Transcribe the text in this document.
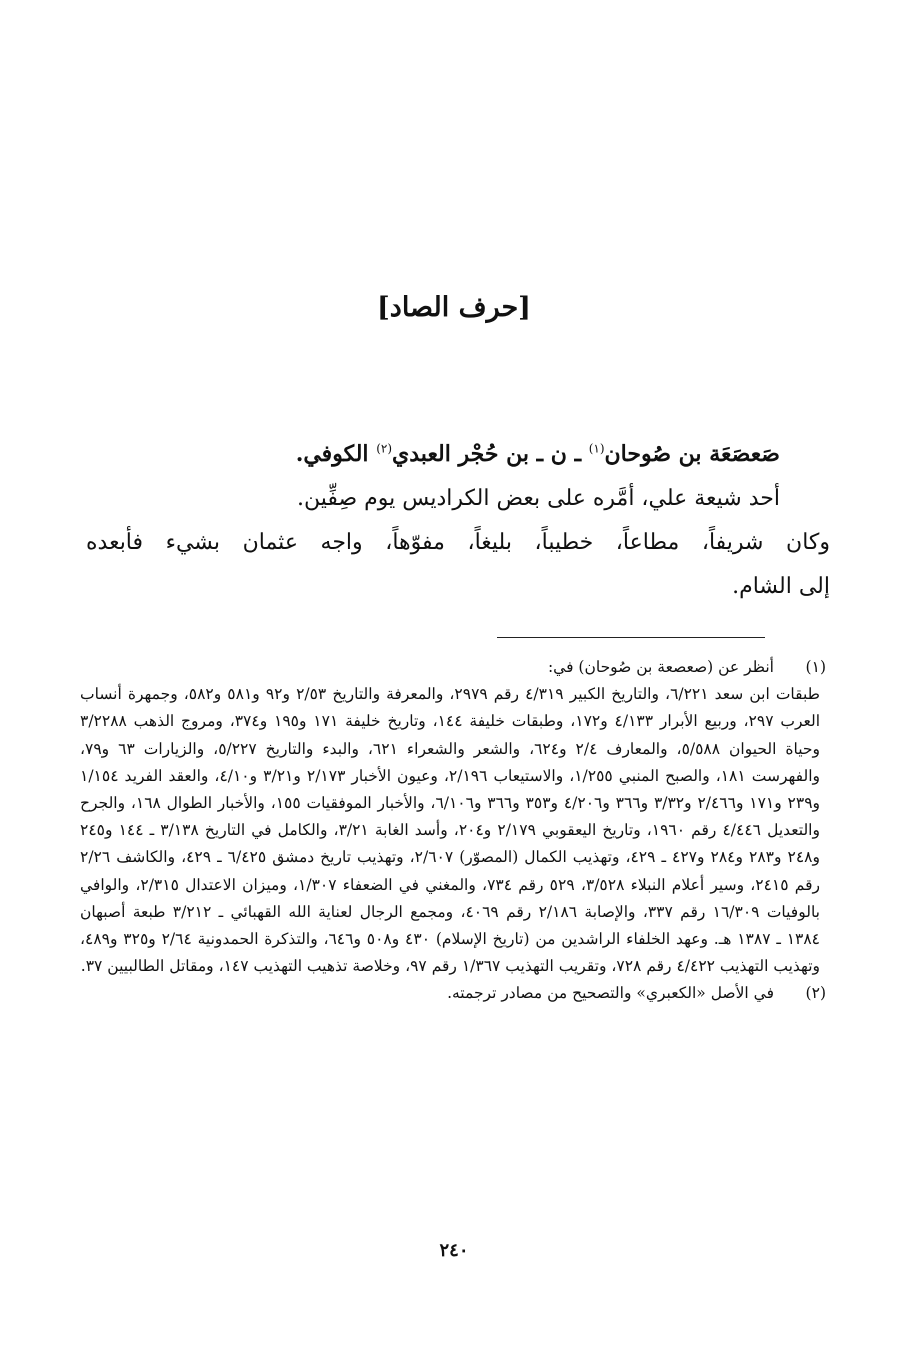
[حرف الصاد]

صَعصَعَة بن صُوحان$^{(١)}$ ـ ن ـ بن حُجْر العبدي$^{(٢)}$ الكوفي.

أحد شيعة علي، أمَّره على بعض الكراديس يوم صِفِّين.

وكان شريفاً، مطاعاً، خطيباً، بليغاً، مفوّهاً، واجه عثمان بشيء فأبعده

إلى الشام.

(١)
أنظر عن (صعصعة بن صُوحان) في:

طبقات ابن سعد ٦/٢٢١، والتاريخ الكبير ٤/٣١٩ رقم ٢٩٧٩، والمعرفة والتاريخ ٢/٥٣ و٩٢ و٥٨١ و٥٨٢، وجمهرة أنساب العرب ٢٩٧، وربيع الأبرار ٤/١٣٣ و١٧٢، وطبقات خليفة ١٤٤، وتاريخ خليفة ١٧١ و١٩٥ و٣٧٤، ومروج الذهب ٣/٢٢٨٨ وحياة الحيوان ٥/٥٨٨، والمعارف ٢/٤ و٦٢٤، والشعر والشعراء ٦٢١، والبدء والتاريخ ٥/٢٢٧، والزيارات ٦٣ و٧٩، والفهرست ١٨١، والصبح المنبي ١/٢٥٥، والاستيعاب ٢/١٩٦، وعيون الأخبار ٢/١٧٣ و٣/٢١ و٤/١٠، والعقد الفريد ١/١٥٤ و٢٣٩ و١٧١ و٢/٤٦٦ و٣/٣٢ و٣٦٦ و٤/٢٠٦ و٣٥٣ و٣٦٦ و٦/١٠٦، والأخبار الموفقيات ١٥٥، والأخبار الطوال ١٦٨، والجرح والتعديل ٤/٤٤٦ رقم ١٩٦٠، وتاريخ اليعقوبي ٢/١٧٩ و٢٠٤، وأسد الغابة ٣/٢١، والكامل في التاريخ ٣/١٣٨ ـ ١٤٤ و٢٤٥ و٢٤٨ و٢٨٣ و٢٨٤ و٤٢٧ ـ ٤٢٩، وتهذيب الكمال (المصوّر) ٢/٦٠٧، وتهذيب تاريخ دمشق ٦/٤٢٥ ـ ٤٢٩، والكاشف ٢/٢٦ رقم ٢٤١٥، وسير أعلام النبلاء ٣/٥٢٨، ٥٢٩ رقم ٧٣٤، والمغني في الضعفاء ١/٣٠٧، وميزان الاعتدال ٢/٣١٥، والوافي بالوفيات ١٦/٣٠٩ رقم ٣٣٧، والإصابة ٢/١٨٦ رقم ٤٠٦٩، ومجمع الرجال لعناية الله القهبائي ـ ٣/٢١٢ طبعة أصبهان ١٣٨٤ ـ ١٣٨٧ هـ. وعهد الخلفاء الراشدين من (تاريخ الإسلام) ٤٣٠ و٥٠٨ و٦٤٦، والتذكرة الحمدونية ٢/٦٤ و٣٢٥ و٤٨٩، وتهذيب التهذيب ٤/٤٢٢ رقم ٧٢٨، وتقريب التهذيب ١/٣٦٧ رقم ٩٧، وخلاصة تذهيب التهذيب ١٤٧، ومقاتل الطالبيين ٣٧.

(٢)
في الأصل «الكعبري» والتصحيح من مصادر ترجمته.

٢٤٠
